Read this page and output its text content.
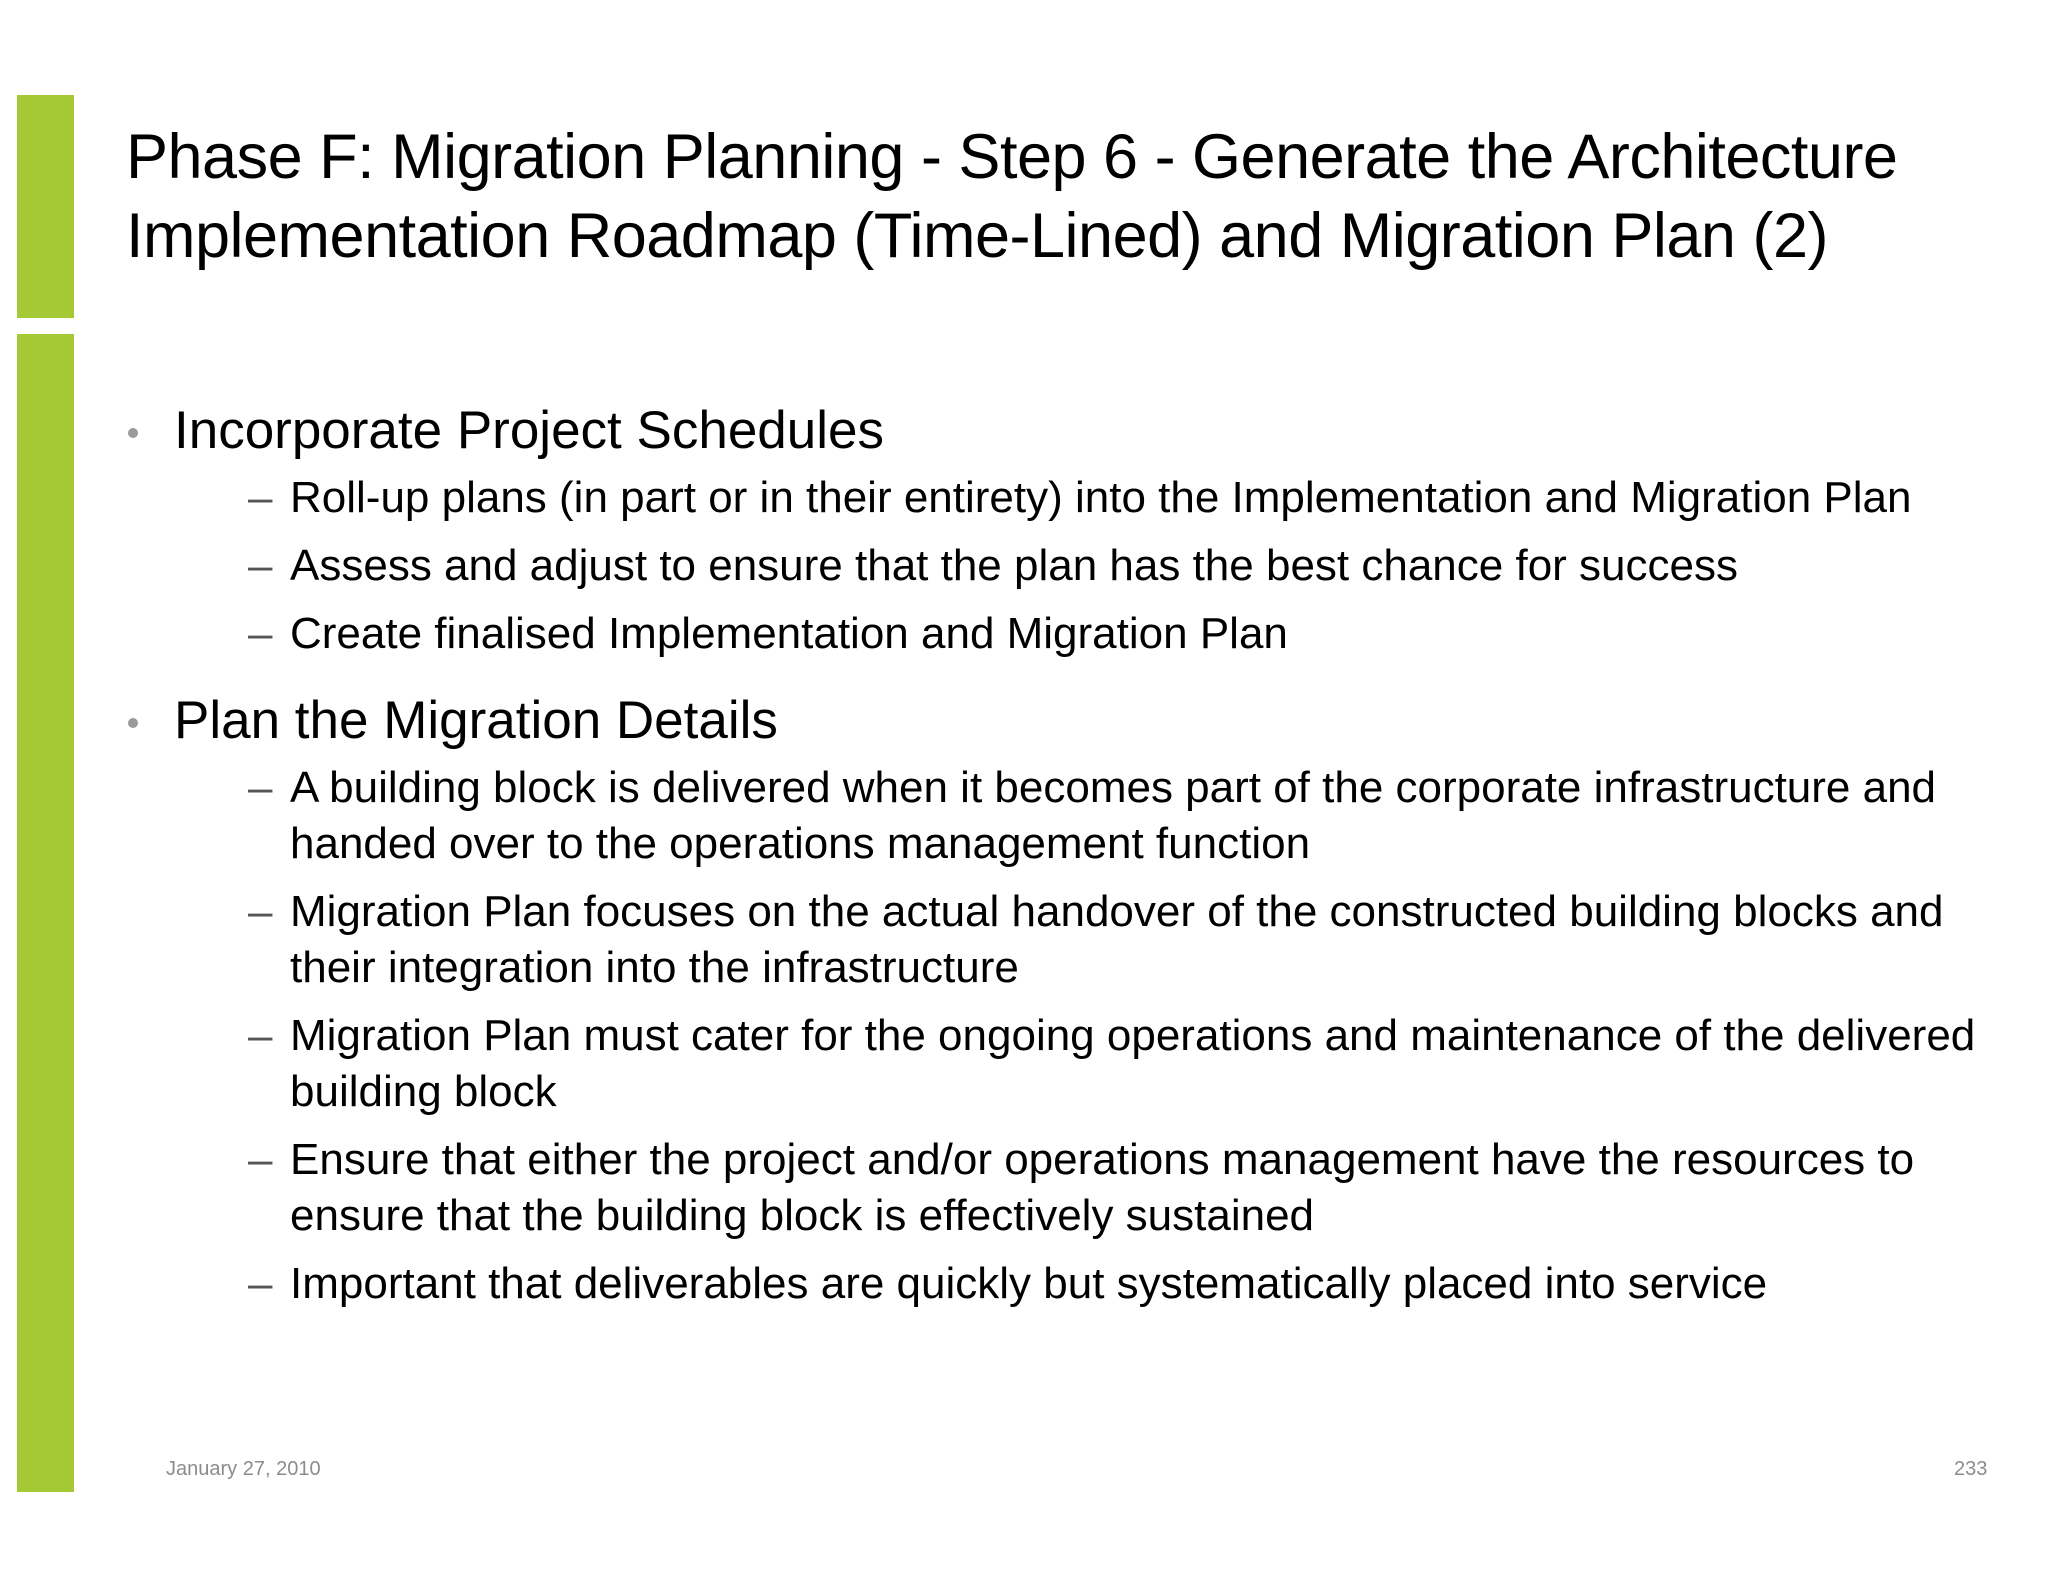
Phase F: Migration Planning - Step 6 - Generate the Architecture Implementation Roadmap (Time-Lined) and Migration Plan (2)
Incorporate Project Schedules
– Roll-up plans (in part or in their entirety) into the Implementation and Migration Plan
– Assess and adjust to ensure that the plan has the best chance for success
– Create finalised Implementation and Migration Plan
Plan the Migration Details
– A building block is delivered when it becomes part of the corporate infrastructure and handed over to the operations management function
– Migration Plan focuses on the actual handover of the constructed building blocks and their integration into the infrastructure
– Migration Plan must cater for the ongoing operations and maintenance of the delivered building block
– Ensure that either the project and/or operations management have the resources to ensure that the building block is effectively sustained
– Important that deliverables are quickly but systematically placed into service
January 27, 2010	233
